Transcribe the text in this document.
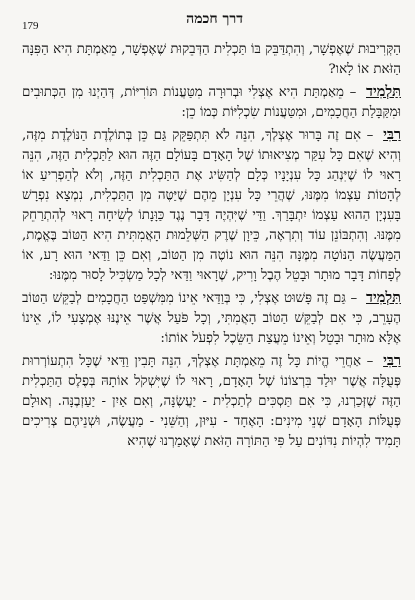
179	דרך חכמה

הַקְּרִיבוּת שֶׁאֶפְשָׁר, וְהִתְדַּבֵּק בּוֹ תַּכְלִית הַדְּבֵקוּת שֶׁאֶפְשָׁר, מֵאַמְתָּת הִיא הַפִּנָּה הַזֹּאת אוֹ לָאו?

תַּלְמִיד – מֵאַמְתַּת הִיא אֶצְלִי וּבְרוּרָה מִטַּעֲנוֹת תּוֹרִיּוֹת, דְּהַיְנוּ מִן הַכְּתוּבִים וּמִקַּבָּלַת הַחֲכָמִים, וּמִטַּעֲנוֹת שִׂכְלִיּוֹת כְּמוֹ כֵן:

רַבִּי – אִם זֶה בָּרוּר אֶצְלְךָ, הִנֵּה לֹא תִּתְפַּקֵּק גַּם כֵּן בְּתוֹלֶדֶת הַנּוֹלֶדֶת מִזֶּה, וְהִיא שֶׁאִם כָּל עִקַּר מְצִיאוּתוֹ שֶׁל הָאָדָם בָּעוֹלָם הַזֶּה הוּא לַתַּכְלִית הַזֶּה, הִנֵּה רָאוּי לוֹ שֶׁיִּנְהַג כָּל עִנְיָנָיו כְּלָם לְהַשִּׂיג אֶת הַתַּכְלִית הַזֶּה, וְלֹא לְהַפְרִיעַ אוֹ לְהָטוֹת עַצְמוֹ מִמֶּנּוּ, שֶׁהֲרֵי כָּל עִנְיָן מֵהֶם שֶׁיַּטֶּה מִן הַתַּכְלִית, נִמְצָא נִפְרָשׁ בָּעִנְיָן הַהוּא עַצְמוֹ יִתְבָּרַךְ. וַדַּי שֶׁיִּהְיֶה דָּבָר נֶגֶד כַּוָּנָתוֹ לְשִׂיחָה רָאוּי לְהִתְרַחֵק מִמֶּנּוּ. וְהִתְבּוֹנֵן עוֹד וְתִרְאֶה, כֵּיוָן שֶׁרֶק הַשְּׁלֵמוּת הָאֲמִתִּית הִיא הַטּוֹב בֶּאֱמֶת, הַמַּעֲשֶׂה הַנּוֹטָה מִמֶּנָּה הִנֵּה הוּא נוֹטֶה מִן הַטּוֹב, וְאִם כֵּן וַדַּאי הוּא רָע, אוֹ לְפָחוֹת דָּבָר מוּתָר וּבָטֵל הֶבֶל וָרִיק, שֶׁרָאוּי וַדַּאי לְכָל מַשְׂכִּיל לָסוּר מִמֶּנּוּ:

תַּלְמִיד – גַּם זֶה פָּשׁוּט אֶצְלִי, כִּי בְּוַדַּאי אֵינוֹ מִמִּשְׁפַּט הַחֲכָמִים לְבַקֵּשׁ הַטּוֹב הֶעָרֵב, כִּי אִם לְבַקֵּשׁ הַטּוֹב הָאֲמִתִּי, וְכָל פֹּעַל אֲשֶׁר אֵינֶנּוּ אֶמְצָעִי לוֹ, אֵינוֹ אֶלָּא מוּתָר וּבָטֵל וְאֵינוֹ מֵעֲצַת הַשֵּׂכֶל לִפְעֹל אוֹתוֹ:

רַבִּי – אַחֲרֵי הֱיוֹת כָּל זֶה מֵאַמְתָּת אֶצְלְךָ, הִנֵּה תָּבִין וַדַּאי שֶׁכָּל הִתְעוֹרְרוּת פְּעֻלָּה אֲשֶׁר יוּלַד בִּרְצוֹנוֹ שֶׁל הָאָדָם, רָאוּי לוֹ שֶׁיִּשְׁקֹל אוֹתָהּ בְּפֶלֶס הַתַּכְלִית הַזֶּה שֶׁזְּכַרְנוּ, כִּי אִם תַּסְכִּים לְתַכְלִית - יַעֲשֶׂנָּה, וְאִם אַיִן - יַעַזְבֶנָּה. וְאוּלָם פְּעֻלּוֹת הָאָדָם שְׁנֵי מִינִים: הָאֶחָד - עִיּוּן, וְהַשֵּׁנִי - מַעֲשֶׂה, וּשְׁנֵיהֶם צְרִיכִים תָּמִיד לִהְיוֹת נִדּוֹנִים עַל פִּי הַתּוֹרָה הַזֹּאת שֶׁאָמַרְנוּ שֶׁהִיא
